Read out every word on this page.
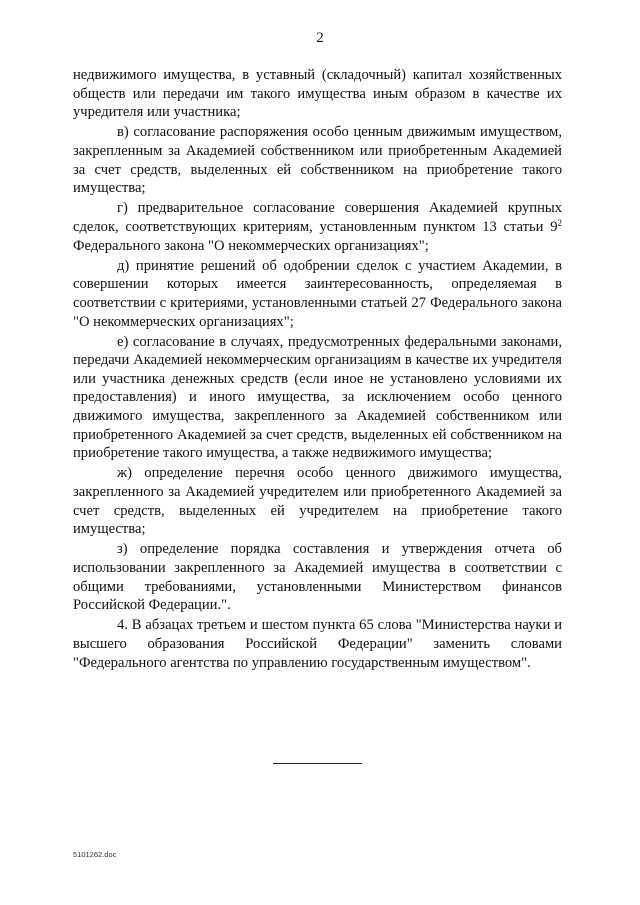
2

недвижимого имущества, в уставный (складочный) капитал хозяйственных обществ или передачи им такого имущества иным образом в качестве их учредителя или участника;

в) согласование распоряжения особо ценным движимым имуществом, закрепленным за Академией собственником или приобретенным Академией за счет средств, выделенных ей собственником на приобретение такого имущества;

г) предварительное согласование совершения Академией крупных сделок, соответствующих критериям, установленным пунктом 13 статьи $9^2$ Федерального закона "О некоммерческих организациях";

д) принятие решений об одобрении сделок с участием Академии, в совершении которых имеется заинтересованность, определяемая в соответствии с критериями, установленными статьей 27 Федерального закона "О некоммерческих организациях";

е) согласование в случаях, предусмотренных федеральными законами, передачи Академией некоммерческим организациям в качестве их учредителя или участника денежных средств (если иное не установлено условиями их предоставления) и иного имущества, за исключением особо ценного движимого имущества, закрепленного за Академией собственником или приобретенного Академией за счет средств, выделенных ей собственником на приобретение такого имущества, а также недвижимого имущества;

ж) определение перечня особо ценного движимого имущества, закрепленного за Академией учредителем или приобретенного Академией за счет средств, выделенных ей учредителем на приобретение такого имущества;

з) определение порядка составления и утверждения отчета об использовании закрепленного за Академией имущества в соответствии с общими требованиями, установленными Министерством финансов Российской Федерации.".

4. В абзацах третьем и шестом пункта 65 слова "Министерства науки и высшего образования Российской Федерации" заменить словами "Федерального агентства по управлению государственным имуществом".

5101262.doc
